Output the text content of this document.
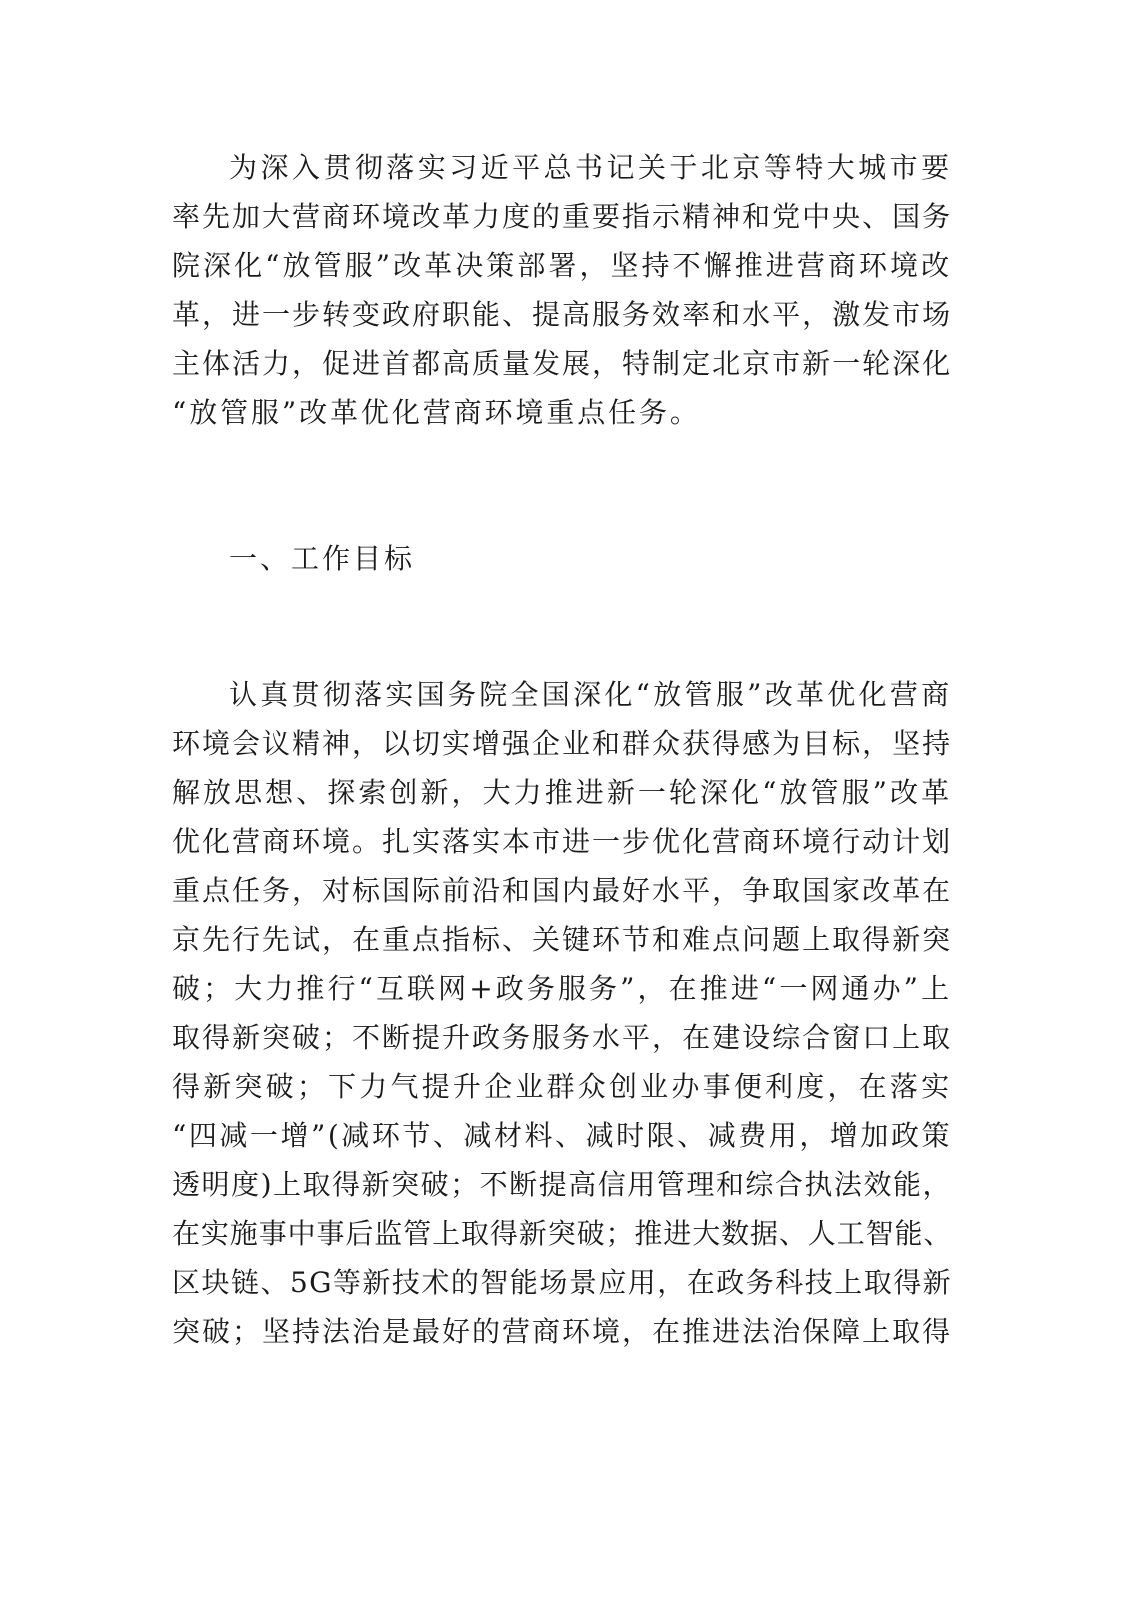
为深入贯彻落实习近平总书记关于北京等特大城市要

率先加大营商环境改革力度的重要指示精神和党中央、国务

院深化“放管服”改革决策部署，坚持不懈推进营商环境改

革，进一步转变政府职能、提高服务效率和水平，激发市场

主体活力，促进首都高质量发展，特制定北京市新一轮深化

“放管服”改革优化营商环境重点任务。

一、工作目标

认真贯彻落实国务院全国深化“放管服”改革优化营商

环境会议精神，以切实增强企业和群众获得感为目标，坚持

解放思想、探索创新，大力推进新一轮深化“放管服”改革

优化营商环境。扎实落实本市进一步优化营商环境行动计划

重点任务，对标国际前沿和国内最好水平，争取国家改革在

京先行先试，在重点指标、关键环节和难点问题上取得新突

破；大力推行“互联网+政务服务”，在推进“一网通办”上

取得新突破；不断提升政务服务水平，在建设综合窗口上取

得新突破；下力气提升企业群众创业办事便利度，在落实

“四减一增”(减环节、减材料、减时限、减费用，增加政策

透明度)上取得新突破；不断提高信用管理和综合执法效能，

在实施事中事后监管上取得新突破；推进大数据、人工智能、

区块链、5G等新技术的智能场景应用，在政务科技上取得新

突破；坚持法治是最好的营商环境，在推进法治保障上取得
